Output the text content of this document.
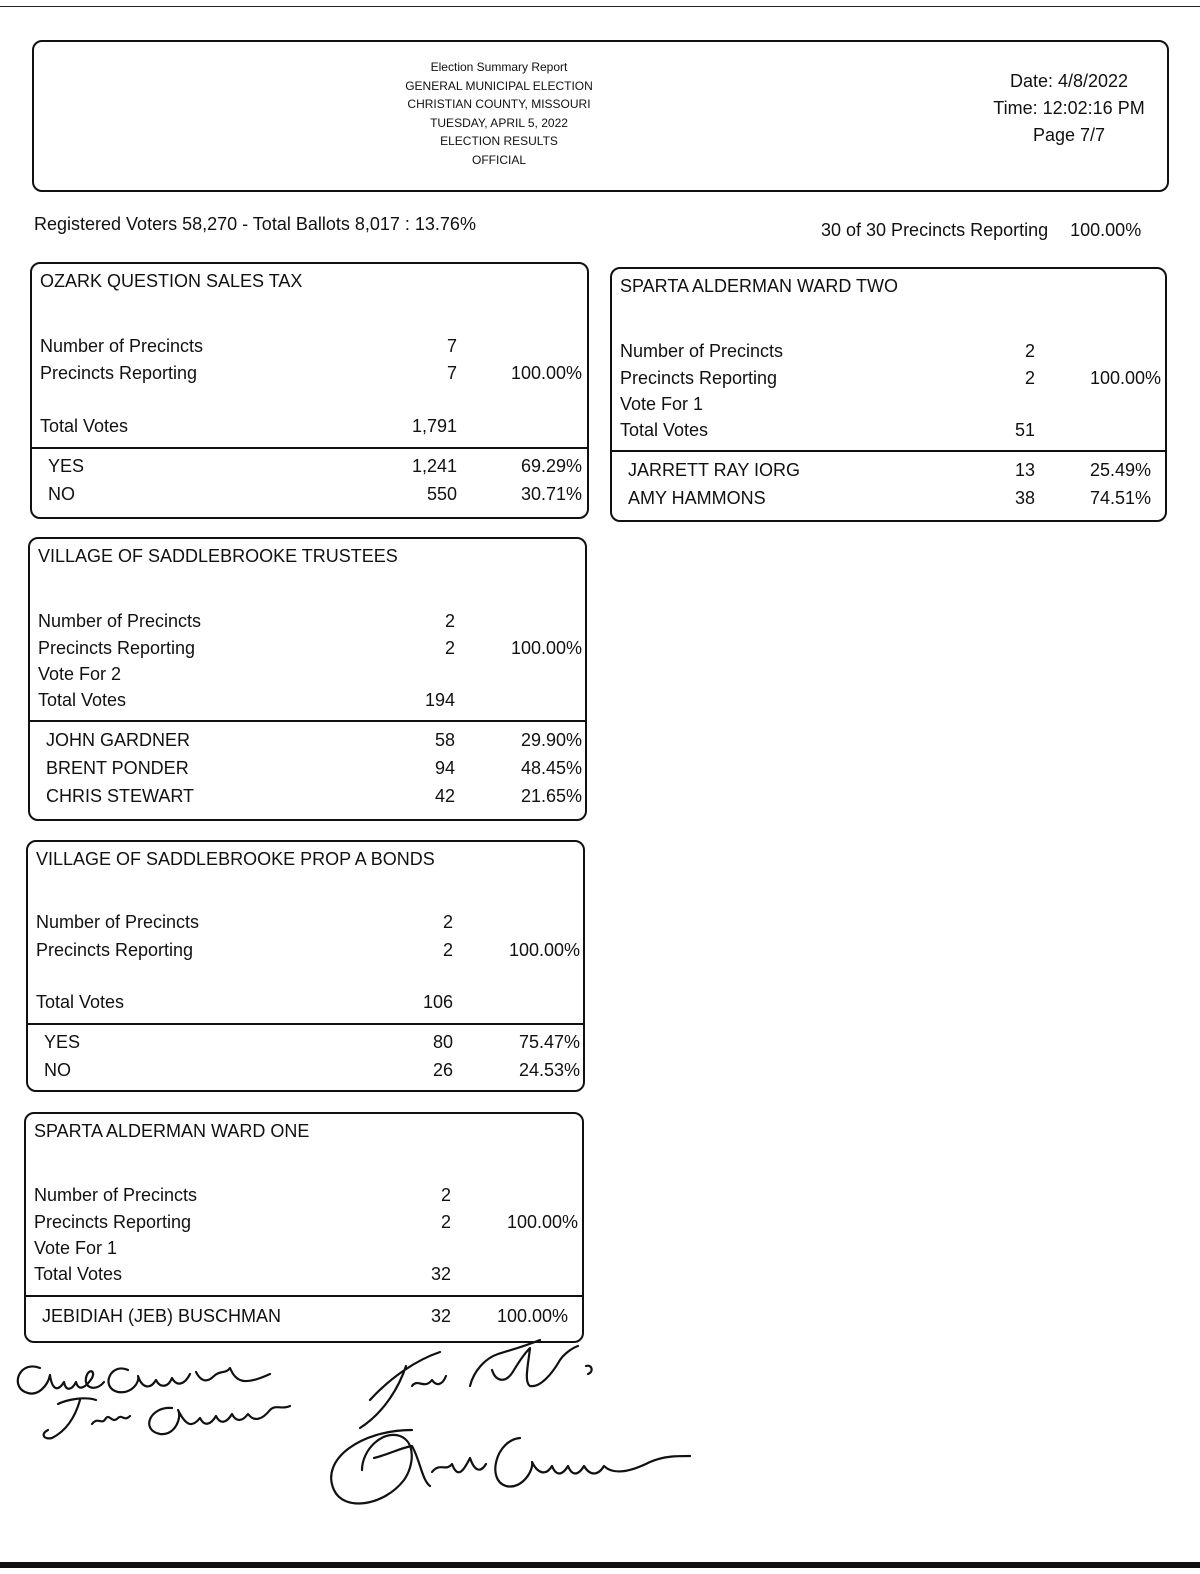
Election Summary Report
GENERAL MUNICIPAL ELECTION
CHRISTIAN COUNTY, MISSOURI
TUESDAY, APRIL 5, 2022
ELECTION RESULTS
OFFICIAL
Date: 4/8/2022
Time: 12:02:16 PM
Page 7/7
Registered Voters 58,270 - Total Ballots 8,017 : 13.76%	30 of 30 Precincts Reporting 100.00%
OZARK QUESTION SALES TAX
Number of Precincts	7
Precincts Reporting	7	100.00%
Total Votes	1,791
YES	1,241	69.29%
NO	550	30.71%
VILLAGE OF SADDLEBROOKE TRUSTEES
Number of Precincts	2
Precincts Reporting	2	100.00%
Vote For 2
Total Votes	194
JOHN GARDNER	58	29.90%
BRENT PONDER	94	48.45%
CHRIS STEWART	42	21.65%
VILLAGE OF SADDLEBROOKE PROP A BONDS
Number of Precincts	2
Precincts Reporting	2	100.00%
Total Votes	106
YES	80	75.47%
NO	26	24.53%
SPARTA ALDERMAN WARD ONE
Number of Precincts	2
Precincts Reporting	2	100.00%
Vote For 1
Total Votes	32
JEBIDIAH (JEB) BUSCHMAN	32	100.00%
SPARTA ALDERMAN WARD TWO
Number of Precincts	2
Precincts Reporting	2	100.00%
Vote For 1
Total Votes	51
JARRETT RAY IORG	13	25.49%
AMY HAMMONS	38	74.51%
